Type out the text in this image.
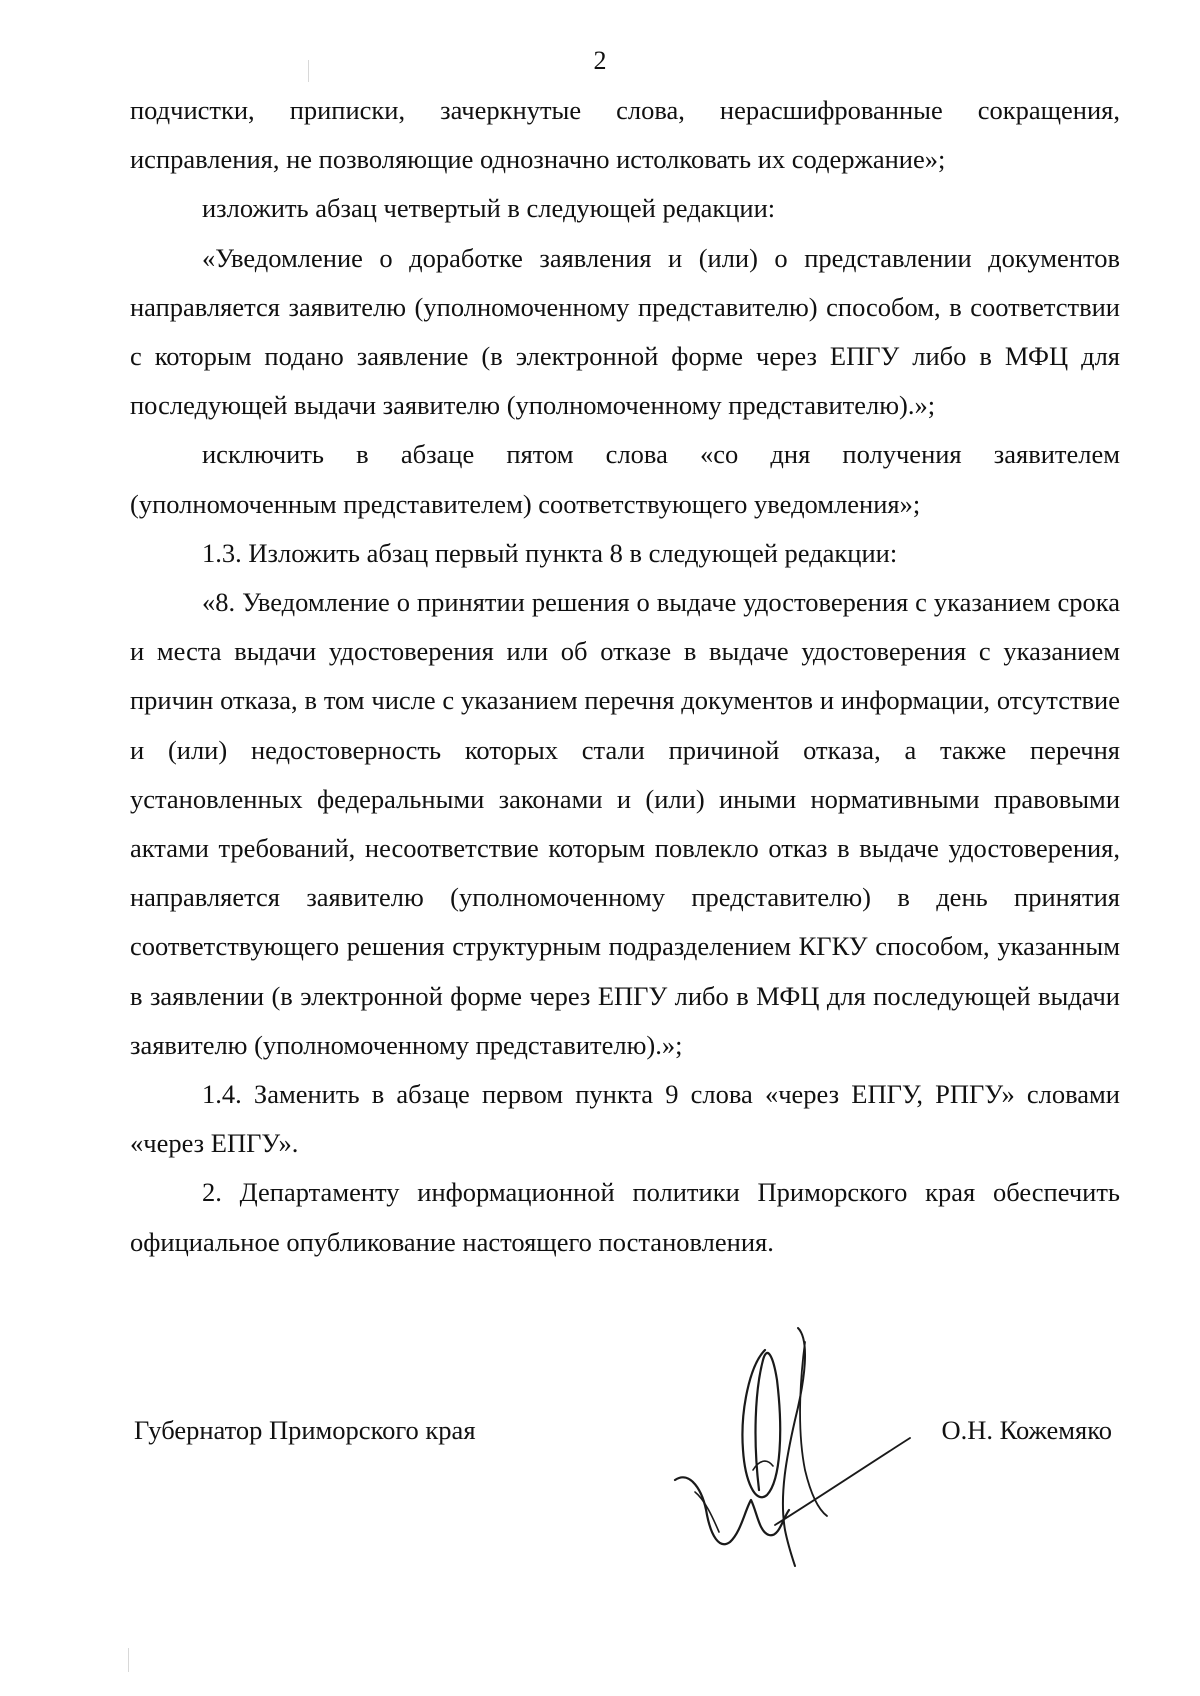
2

подчистки, приписки, зачеркнутые слова, нерасшифрованные сокращения, исправления, не позволяющие однозначно истолковать их содержание»;

изложить абзац четвертый в следующей редакции:

«Уведомление о доработке заявления и (или) о представлении документов направляется заявителю (уполномоченному представителю) способом, в соответствии с которым подано заявление (в электронной форме через ЕПГУ либо в МФЦ для последующей выдачи заявителю (уполномоченному представителю).»;

исключить в абзаце пятом слова «со дня получения заявителем (уполномоченным представителем) соответствующего уведомления»;

1.3. Изложить абзац первый пункта 8 в следующей редакции:

«8. Уведомление о принятии решения о выдаче удостоверения с указанием срока и места выдачи удостоверения или об отказе в выдаче удостоверения с указанием причин отказа, в том числе с указанием перечня документов и информации, отсутствие и (или) недостоверность которых стали причиной отказа, а также перечня установленных федеральными законами и (или) иными нормативными правовыми актами требований, несоответствие которым повлекло отказ в выдаче удостоверения, направляется заявителю (уполномоченному представителю) в день принятия соответствующего решения структурным подразделением КГКУ способом, указанным в заявлении (в электронной форме через ЕПГУ либо в МФЦ для последующей выдачи заявителю (уполномоченному представителю).»;

1.4. Заменить в абзаце первом пункта 9 слова «через ЕПГУ, РПГУ» словами «через ЕПГУ».

2. Департаменту информационной политики Приморского края обеспечить официальное опубликование настоящего постановления.

Губернатор Приморского края	О.Н. Кожемяко
